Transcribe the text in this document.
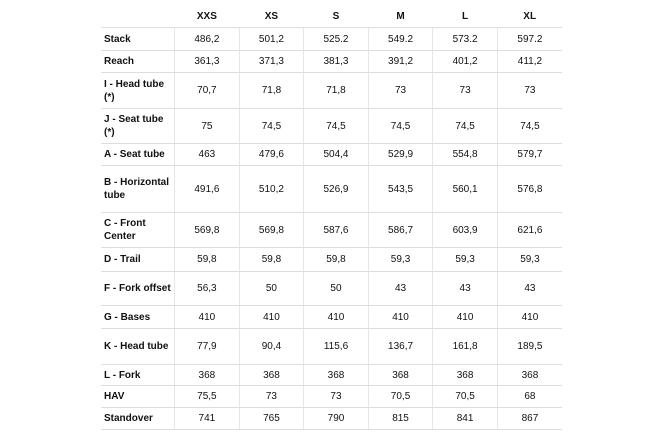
	XXS	XS	S	M	L	XL
Stack	486,2	501,2	525.2	549.2	573.2	597.2
Reach	361,3	371,3	381,3	391,2	401,2	411,2
I - Head tube (*)	70,7	71,8	71,8	73	73	73
J - Seat tube (*)	75	74,5	74,5	74,5	74,5	74,5
A - Seat tube	463	479,6	504,4	529,9	554,8	579,7
B - Horizontal tube	491,6	510,2	526,9	543,5	560,1	576,8
C - Front Center	569,8	569,8	587,6	586,7	603,9	621,6
D - Trail	59,8	59,8	59,8	59,3	59,3	59,3
F - Fork offset	56,3	50	50	43	43	43
G - Bases	410	410	410	410	410	410
K - Head tube	77,9	90,4	115,6	136,7	161,8	189,5
L - Fork	368	368	368	368	368	368
HAV	75,5	73	73	70,5	70,5	68
Standover	741	765	790	815	841	867
